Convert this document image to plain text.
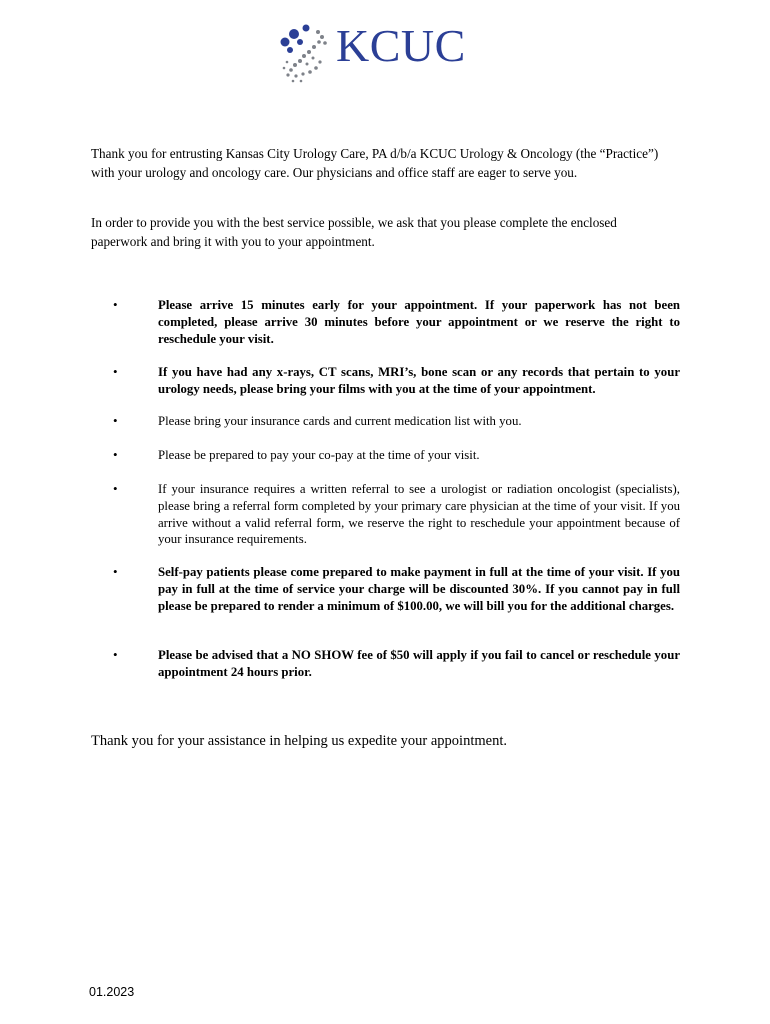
KCUC

Thank you for entrusting Kansas City Urology Care, PA d/b/a KCUC Urology & Oncology (the “Practice”) with your urology and oncology care. Our physicians and office staff are eager to serve you.

In order to provide you with the best service possible, we ask that you please complete the enclosed paperwork and bring it with you to your appointment.

•	Please arrive 15 minutes early for your appointment. If your paperwork has not been completed, please arrive 30 minutes before your appointment or we reserve the right to reschedule your visit.
•	If you have had any x-rays, CT scans, MRI’s, bone scan or any records that pertain to your urology needs, please bring your films with you at the time of your appointment.
•	Please bring your insurance cards and current medication list with you.
•	Please be prepared to pay your co-pay at the time of your visit.
•	If your insurance requires a written referral to see a urologist or radiation oncologist (specialists), please bring a referral form completed by your primary care physician at the time of your visit. If you arrive without a valid referral form, we reserve the right to reschedule your appointment because of your insurance requirements.
•	Self-pay patients please come prepared to make payment in full at the time of your visit. If you pay in full at the time of service your charge will be discounted 30%. If you cannot pay in full please be prepared to render a minimum of $100.00, we will bill you for the additional charges.
•	Please be advised that a NO SHOW fee of $50 will apply if you fail to cancel or reschedule your appointment 24 hours prior.
Thank you for your assistance in helping us expedite your appointment.
01.2023
